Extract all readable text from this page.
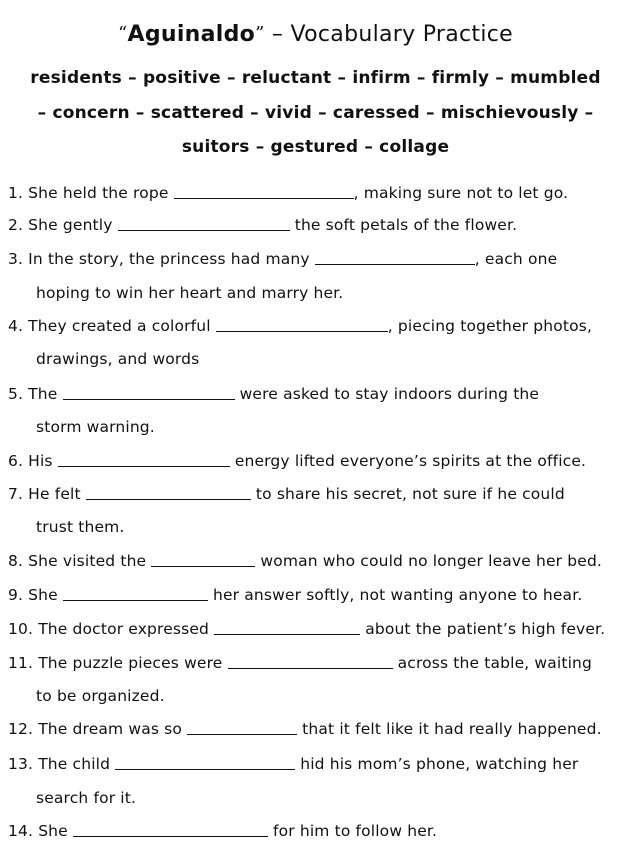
“Aguinaldo” – Vocabulary Practice
residents – positive – reluctant – infirm – firmly – mumbled
– concern – scattered – vivid – caressed – mischievously –
suitors – gestured – collage
1. She held the rope	, making sure not to let go.
2. She gently	the soft petals of the flower.
3. In the story, the princess had many	, each one
hoping to win her heart and marry her.
4. They created a colorful	, piecing together photos,
drawings, and words
5. The	were asked to stay indoors during the
storm warning.
6. His	energy lifted everyone’s spirits at the office.
7. He felt	to share his secret, not sure if he could
trust them.
8. She visited the	woman who could no longer leave her bed.
9. She	her answer softly, not wanting anyone to hear.
10. The doctor expressed	about the patient’s high fever.
11. The puzzle pieces were	across the table, waiting
to be organized.
12. The dream was so	that it felt like it had really happened.
13. The child	hid his mom’s phone, watching her
search for it.
14. She	for him to follow her.
